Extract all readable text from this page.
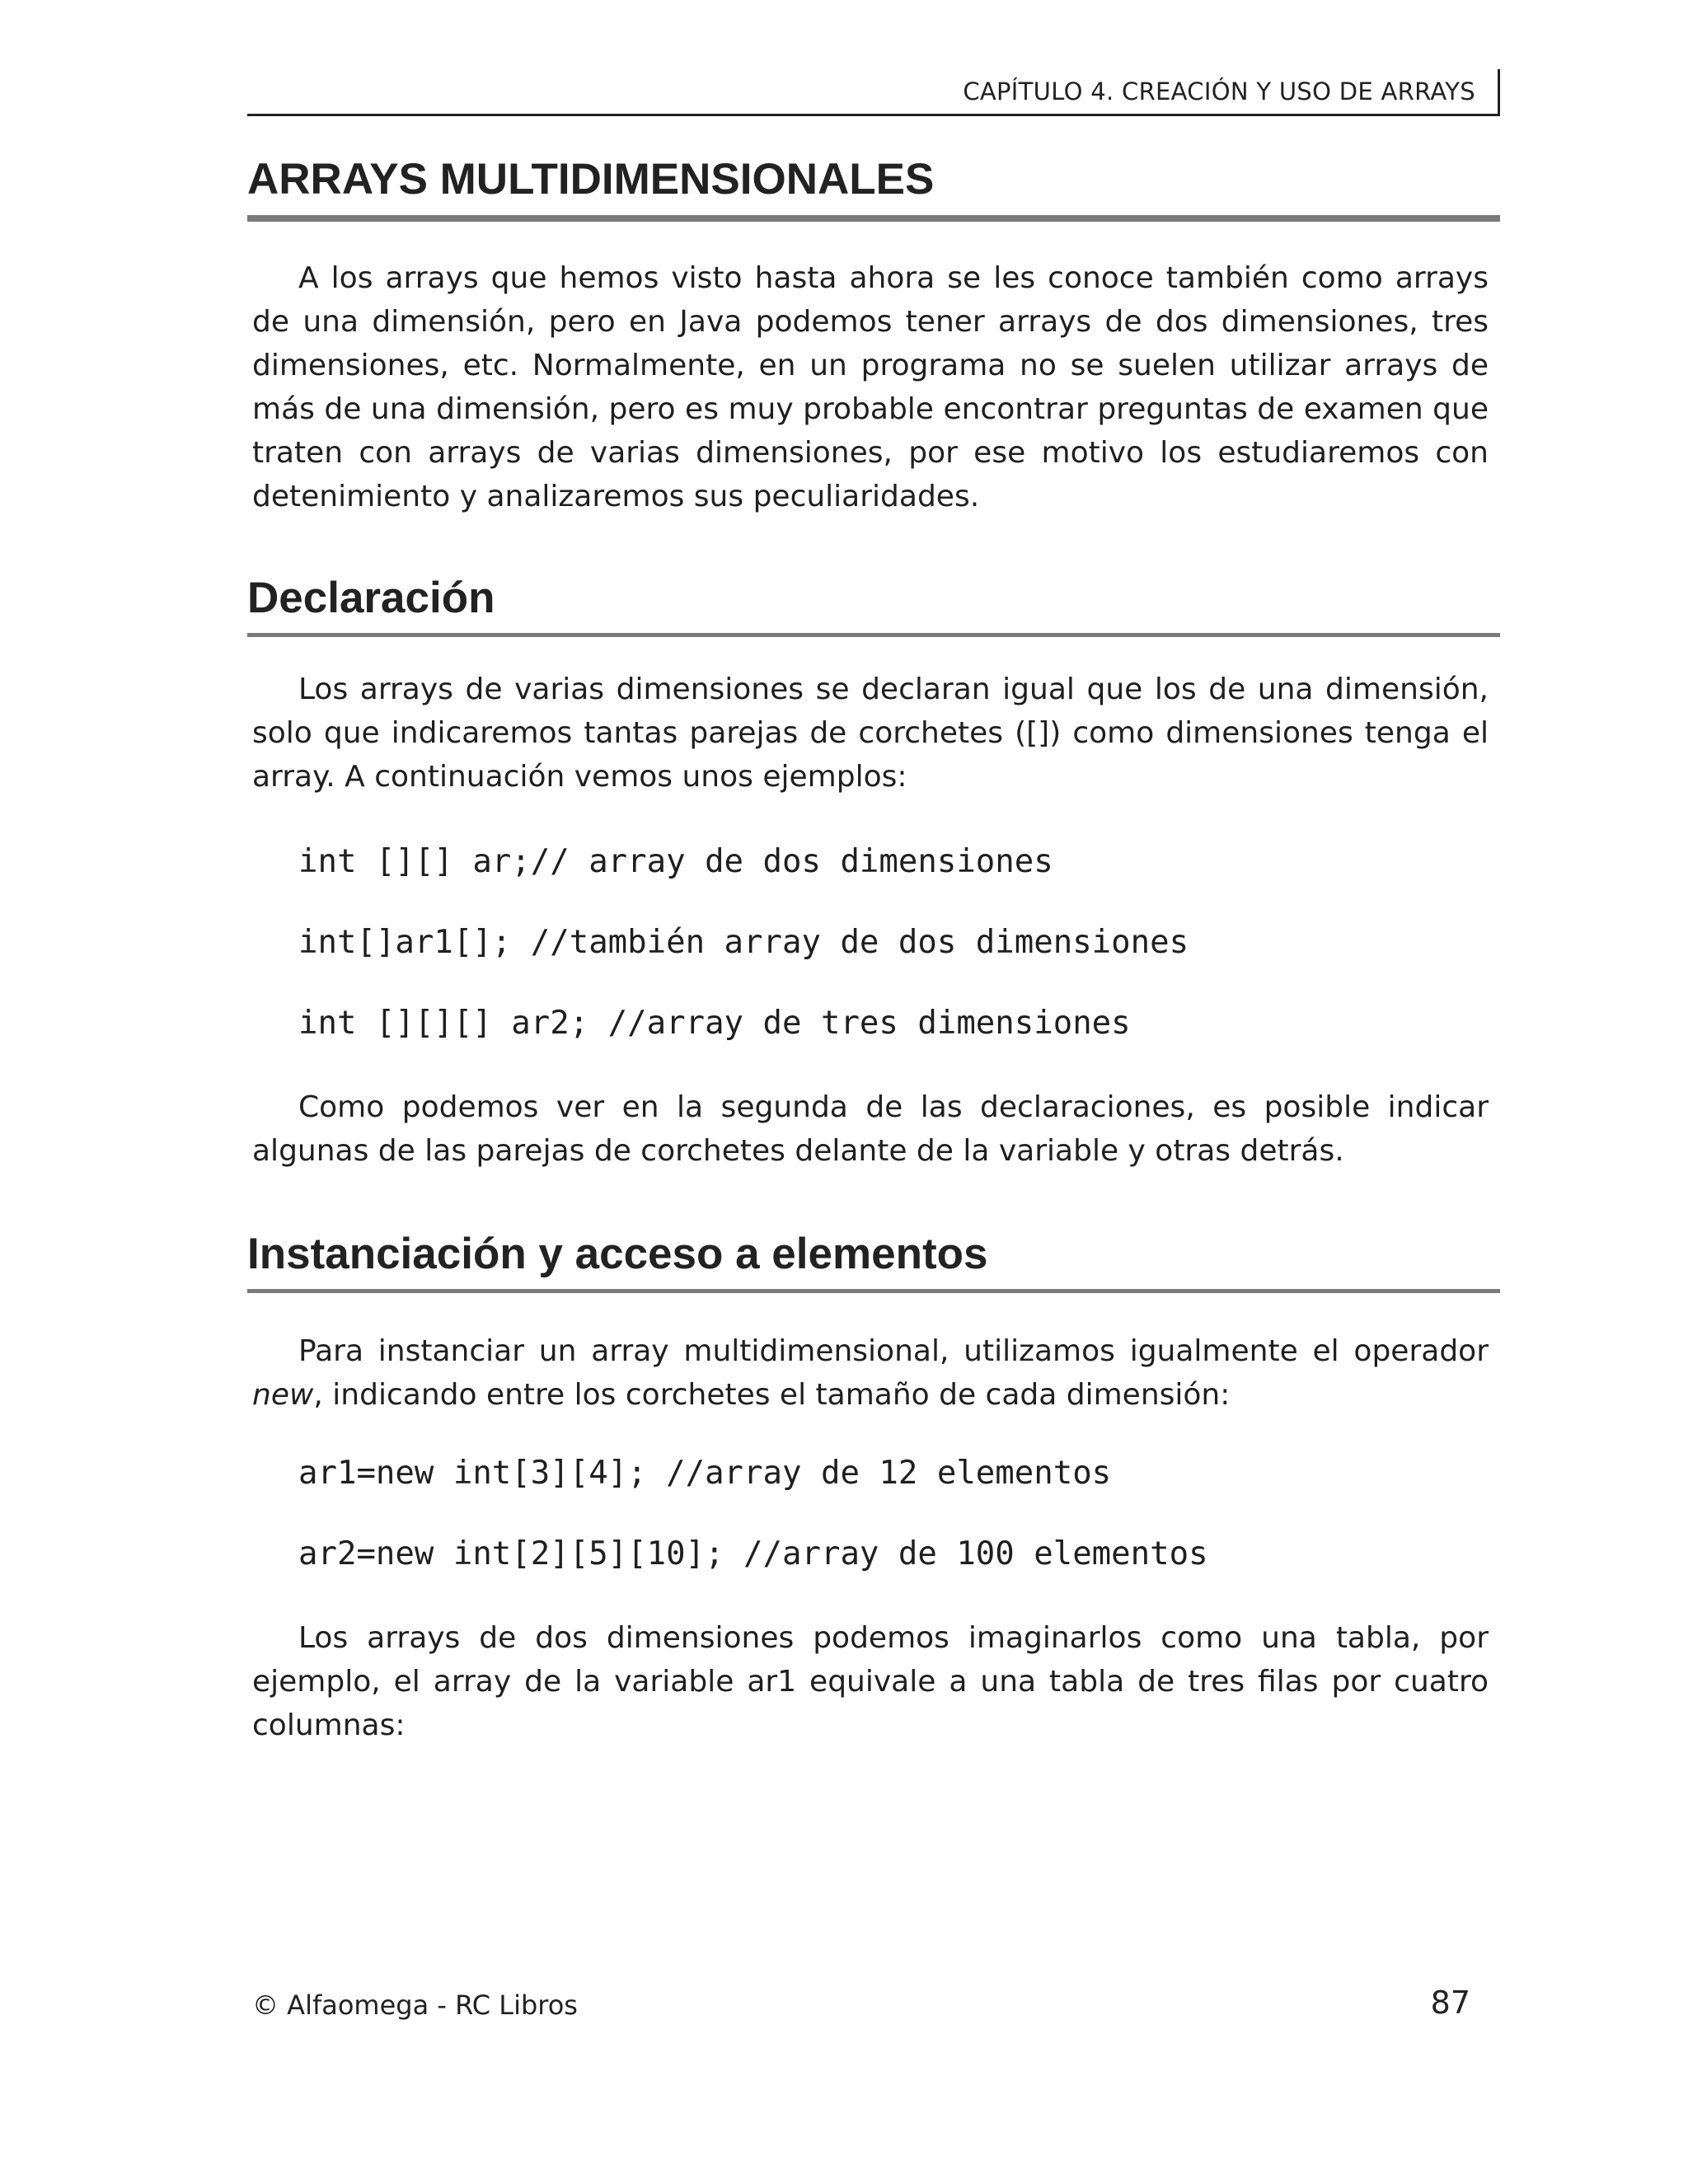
CAPÍTULO 4. CREACIÓN Y USO DE ARRAYS
ARRAYS MULTIDIMENSIONALES

A los arrays que hemos visto hasta ahora se les conoce también como arrays de una dimensión, pero en Java podemos tener arrays de dos dimensiones, tres dimensiones, etc. Normalmente, en un programa no se suelen utilizar arrays de más de una dimensión, pero es muy probable encontrar preguntas de examen que traten con arrays de varias dimensiones, por ese motivo los estudiaremos con detenimiento y analizaremos sus peculiaridades.

Declaración

Los arrays de varias dimensiones se declaran igual que los de una dimensión, solo que indicaremos tantas parejas de corchetes ([]) como dimensiones tenga el array. A continuación vemos unos ejemplos:

int [][] ar;// array de dos dimensiones
int[]ar1[]; //también array de dos dimensiones
int [][][] ar2; //array de tres dimensiones

Como podemos ver en la segunda de las declaraciones, es posible indicar algunas de las parejas de corchetes delante de la variable y otras detrás.

Instanciación y acceso a elementos

Para instanciar un array multidimensional, utilizamos igualmente el operador new, indicando entre los corchetes el tamaño de cada dimensión:

ar1=new int[3][4]; //array de 12 elementos
ar2=new int[2][5][10]; //array de 100 elementos

Los arrays de dos dimensiones podemos imaginarlos como una tabla, por ejemplo, el array de la variable ar1 equivale a una tabla de tres filas por cuatro columnas:

© Alfaomega - RC Libros	87
